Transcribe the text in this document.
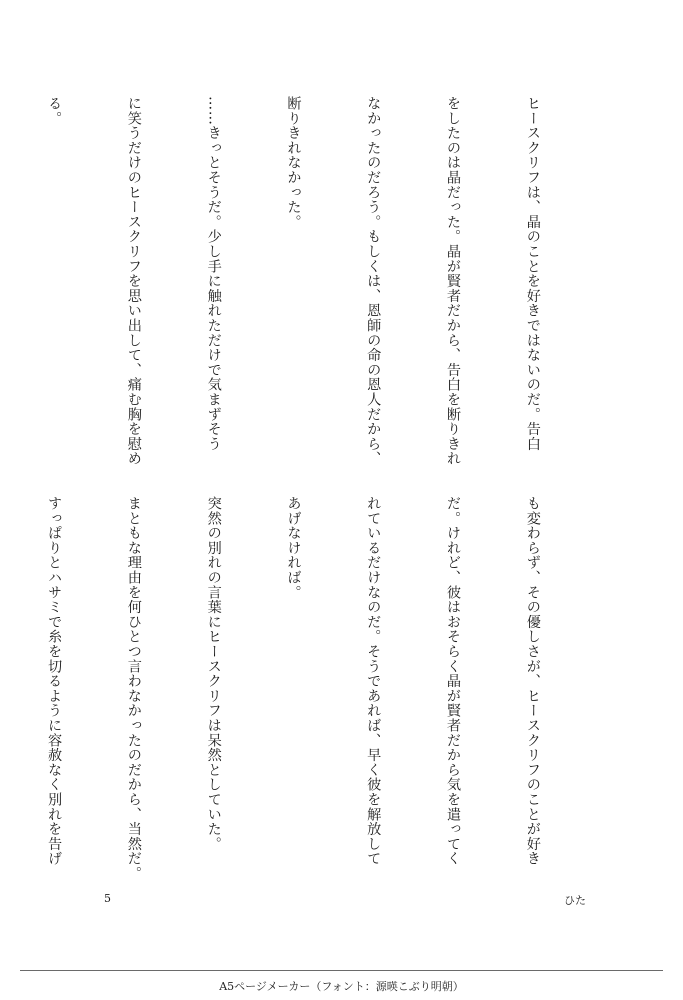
ヒースクリフは、晶のことを好きではないのだ。告白

をしたのは晶だった。晶が賢者だから、告白を断りきれ

なかったのだろう。もしくは、恩師の命の恩人だから、

断りきれなかった。

……きっとそうだ。少し手に触れただけで気まずそう

に笑うだけのヒースクリフを思い出して、痛む胸を慰め

る。

も変わらず、その優しさが、ヒースクリフのことが好き

だ。けれど、彼はおそらく晶が賢者だから気を遣ってく

れているだけなのだ。そうであれば、早く彼を解放して

あげなければ。

突然の別れの言葉にヒースクリフは呆然としていた。

まともな理由を何ひとつ言わなかったのだから、当然だ。

すっぱりとハサミで糸を切るように容赦なく別れを告げ

5	ひた
A5ページメーカー（フォント：源暎こぶり明朝）
